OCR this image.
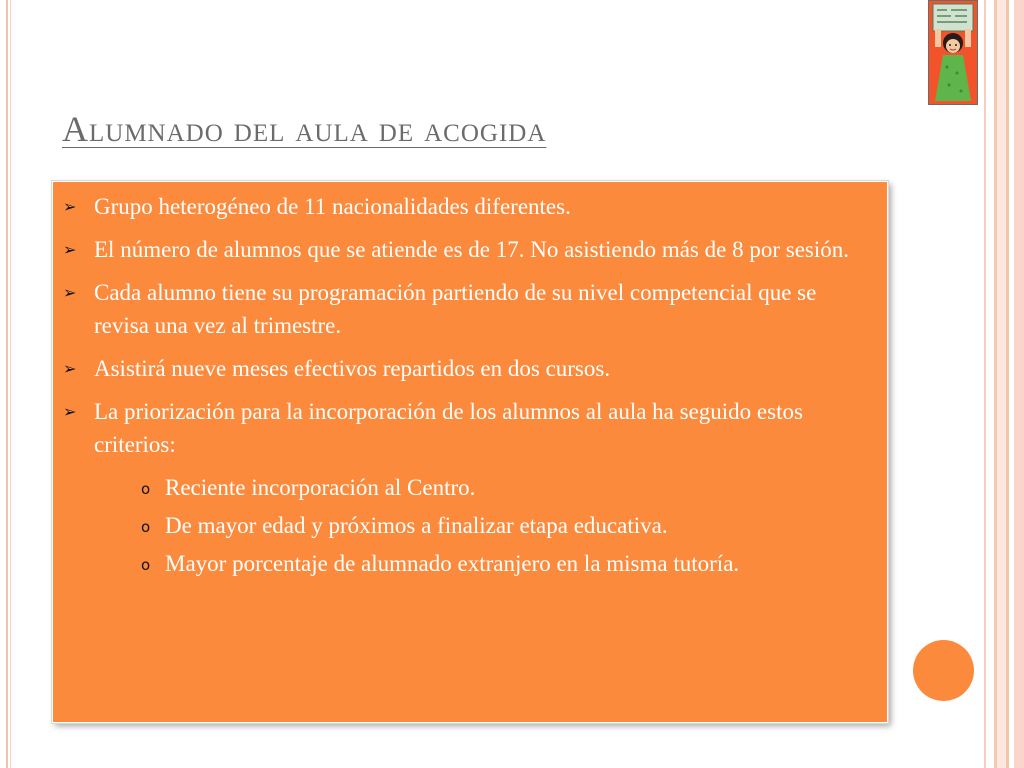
Alumnado del aula de acogida
➢ Grupo heterogéneo de 11 nacionalidades diferentes.
➢ El número de alumnos que se atiende es de 17. No asistiendo más de 8 por sesión.
➢ Cada alumno tiene su programación partiendo de su nivel competencial que se revisa una vez al trimestre.
➢ Asistirá nueve meses efectivos repartidos en dos cursos.
➢ La priorización para la incorporación de los alumnos al aula ha seguido estos criterios:
o Reciente incorporación al Centro.
o De mayor edad y próximos a finalizar etapa educativa.
o Mayor porcentaje de alumnado extranjero en la misma tutoría.
